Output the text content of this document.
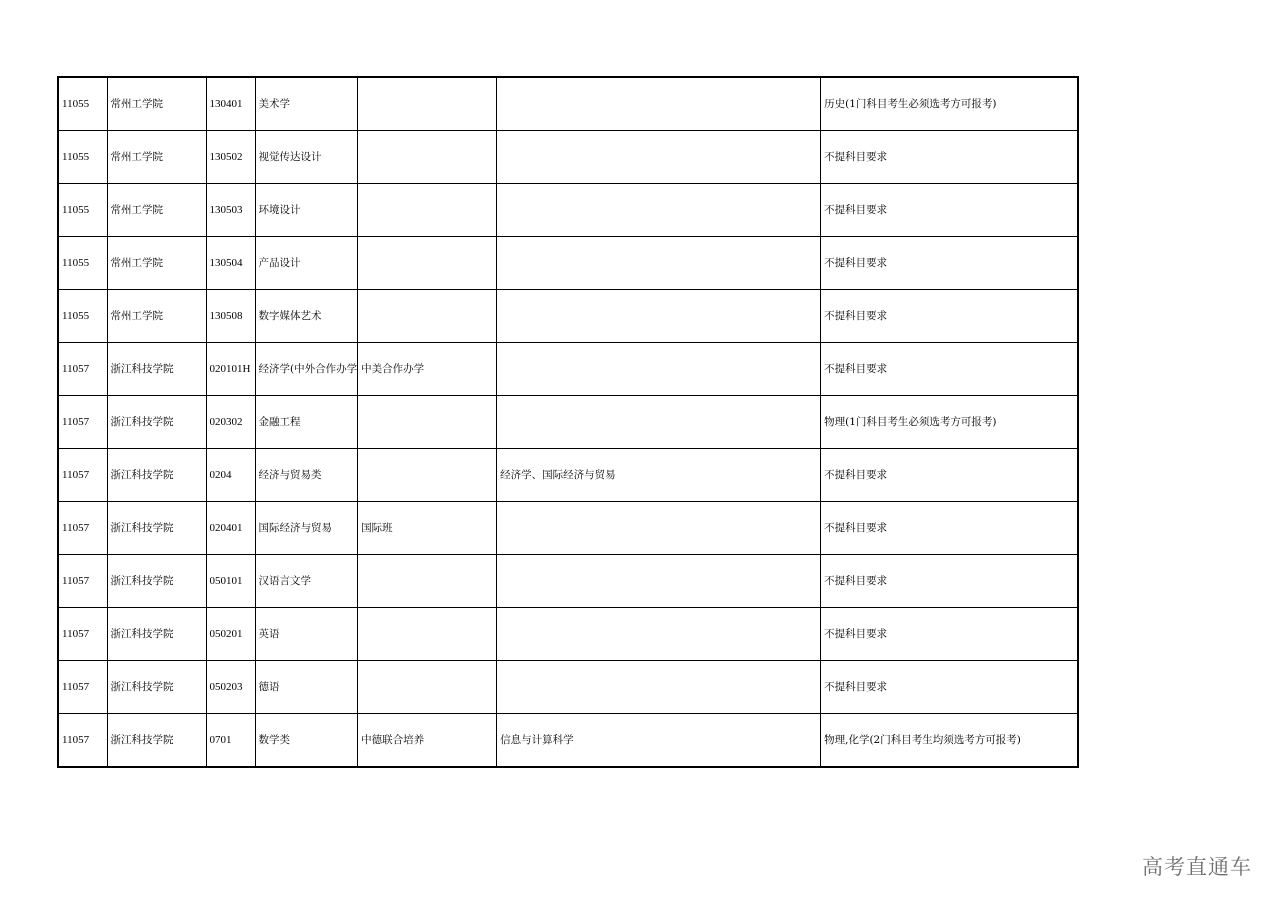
11055	常州工学院	130401	美术学			历史(1门科目考生必须选考方可报考)
11055	常州工学院	130502	视觉传达设计			不提科目要求
11055	常州工学院	130503	环境设计			不提科目要求
11055	常州工学院	130504	产品设计			不提科目要求
11055	常州工学院	130508	数字媒体艺术			不提科目要求
11057	浙江科技学院	020101H	经济学(中外合作办学	中美合作办学		不提科目要求
11057	浙江科技学院	020302	金融工程			物理(1门科目考生必须选考方可报考)
11057	浙江科技学院	0204	经济与贸易类		经济学、国际经济与贸易	不提科目要求
11057	浙江科技学院	020401	国际经济与贸易	国际班		不提科目要求
11057	浙江科技学院	050101	汉语言文学			不提科目要求
11057	浙江科技学院	050201	英语			不提科目要求
11057	浙江科技学院	050203	德语			不提科目要求
11057	浙江科技学院	0701	数学类	中德联合培养	信息与计算科学	物理,化学(2门科目考生均须选考方可报考)
高考直通车
